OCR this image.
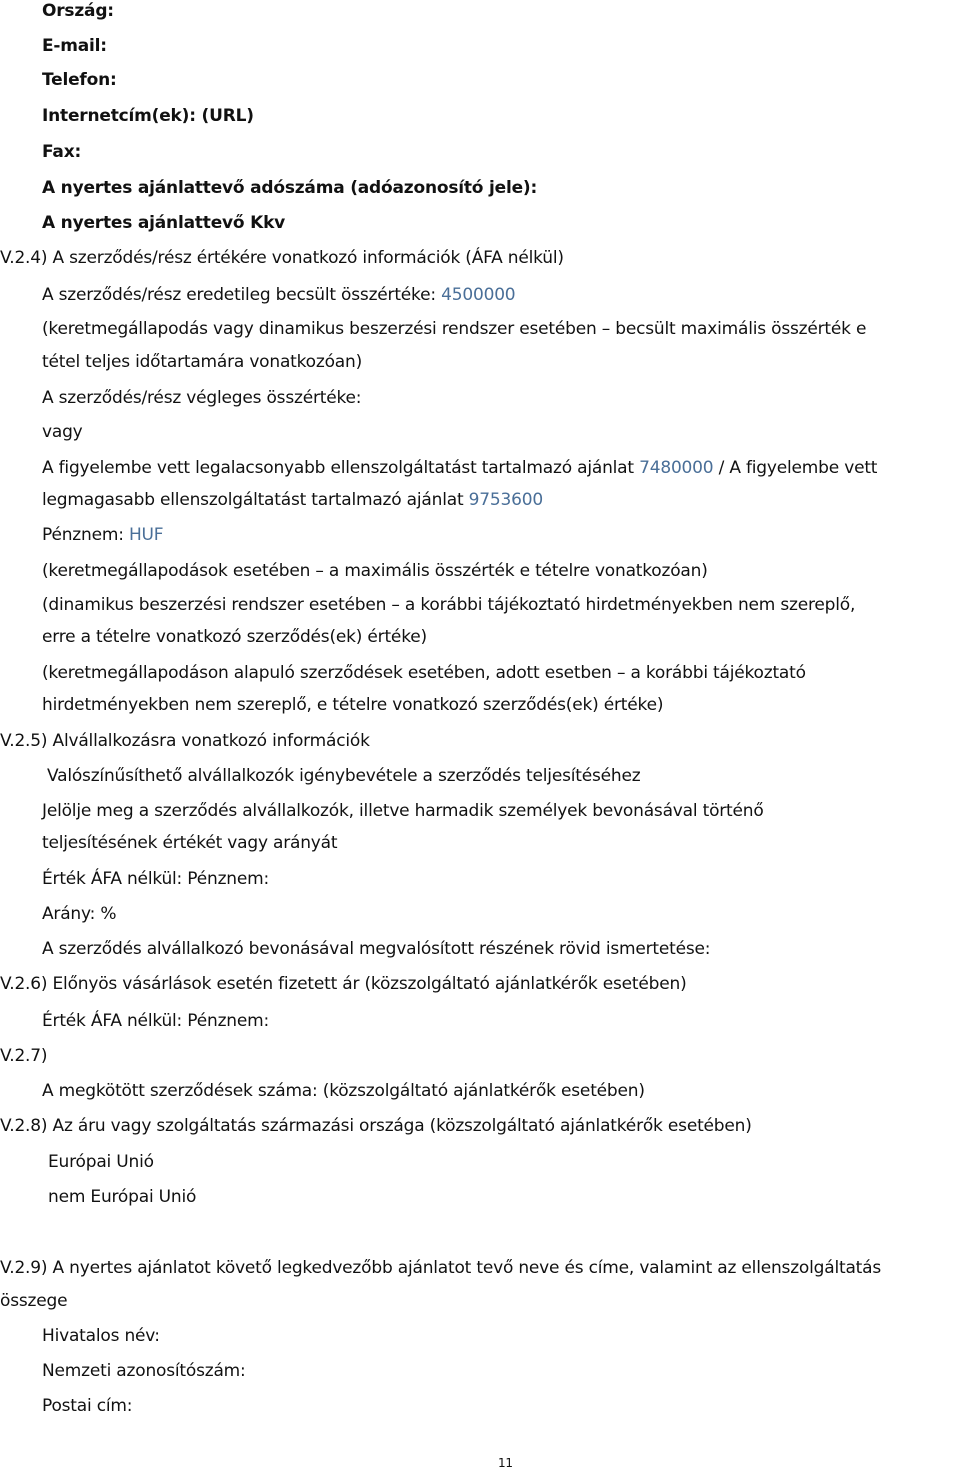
Ország:
E-mail:
Telefon:
Internetcím(ek): (URL)
Fax:
A nyertes ajánlattevő adószáma (adóazonosító jele):
A nyertes ajánlattevő Kkv
V.2.4) A szerződés/rész értékére vonatkozó információk (ÁFA nélkül)
A szerződés/rész eredetileg becsült összértéke: 4500000
(keretmegállapodás vagy dinamikus beszerzési rendszer esetében – becsült maximális összérték e
tétel teljes időtartamára vonatkozóan)
A szerződés/rész végleges összértéke:
vagy
A figyelembe vett legalacsonyabb ellenszolgáltatást tartalmazó ajánlat 7480000 / A figyelembe vett
legmagasabb ellenszolgáltatást tartalmazó ajánlat 9753600
Pénznem: HUF
(keretmegállapodások esetében – a maximális összérték e tételre vonatkozóan)
(dinamikus beszerzési rendszer esetében – a korábbi tájékoztató hirdetményekben nem szereplő,
erre a tételre vonatkozó szerződés(ek) értéke)
(keretmegállapodáson alapuló szerződések esetében, adott esetben – a korábbi tájékoztató
hirdetményekben nem szereplő, e tételre vonatkozó szerződés(ek) értéke)
V.2.5) Alvállalkozásra vonatkozó információk
Valószínűsíthető alvállalkozók igénybevétele a szerződés teljesítéséhez
Jelölje meg a szerződés alvállalkozók, illetve harmadik személyek bevonásával történő
teljesítésének értékét vagy arányát
Érték ÁFA nélkül: Pénznem:
Arány: %
A szerződés alvállalkozó bevonásával megvalósított részének rövid ismertetése:
V.2.6) Előnyös vásárlások esetén fizetett ár (közszolgáltató ajánlatkérők esetében)
Érték ÁFA nélkül: Pénznem:
V.2.7)
A megkötött szerződések száma: (közszolgáltató ajánlatkérők esetében)
V.2.8) Az áru vagy szolgáltatás származási országa (közszolgáltató ajánlatkérők esetében)
Európai Unió
nem Európai Unió
V.2.9) A nyertes ajánlatot követő legkedvezőbb ajánlatot tevő neve és címe, valamint az ellenszolgáltatás
összege
Hivatalos név:
Nemzeti azonosítószám:
Postai cím:
11
